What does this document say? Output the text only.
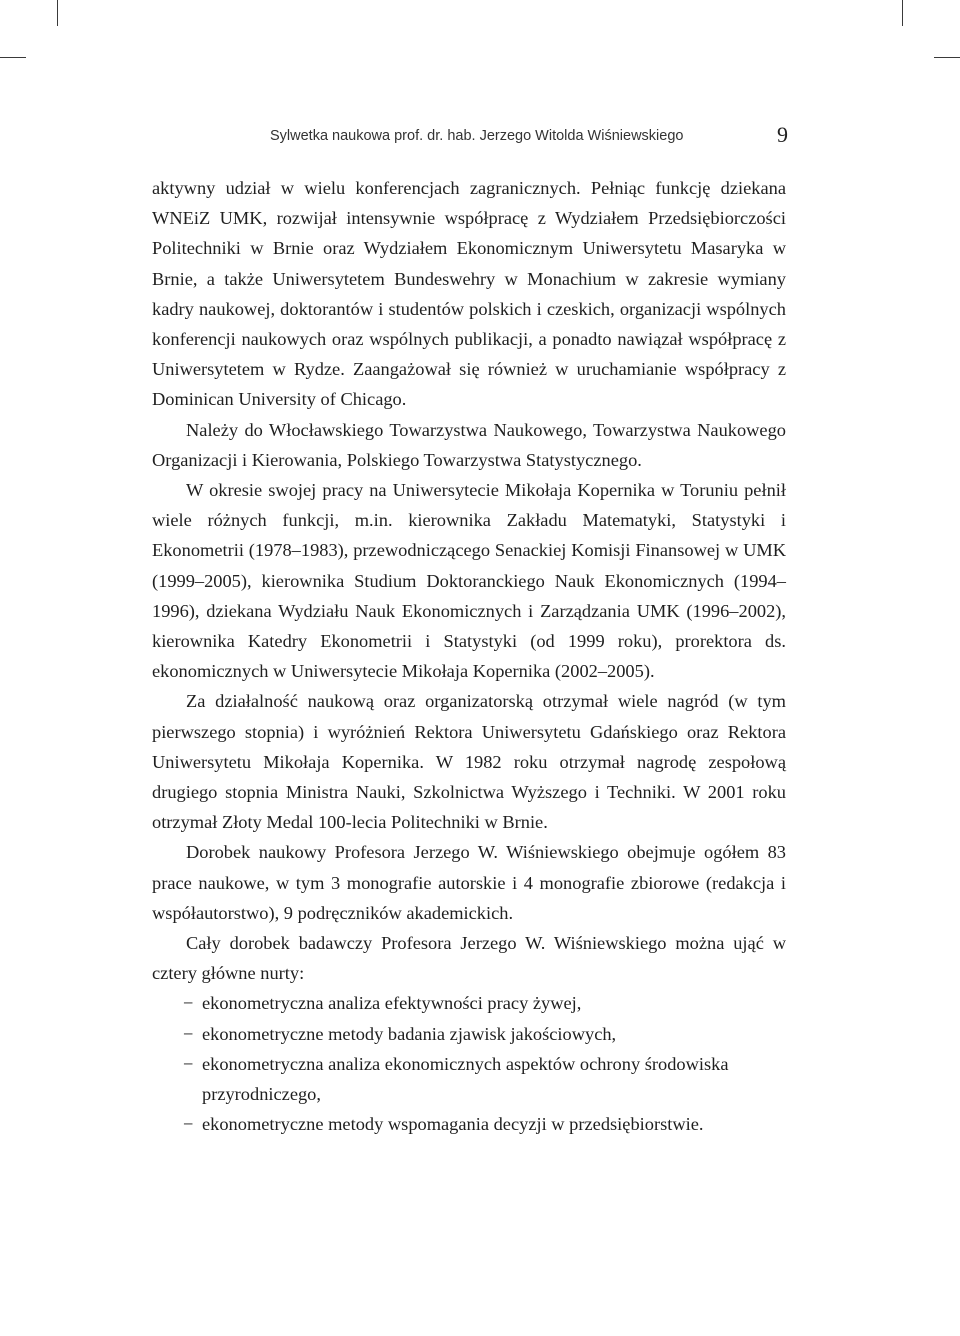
Sylwetka naukowa prof. dr. hab. Jerzego Witolda Wiśniewskiego	9

aktywny udział w wielu konferencjach zagranicznych. Pełniąc funkcję dziekana WNEiZ UMK, rozwijał intensywnie współpracę z Wydziałem Przedsiębiorczości Politechniki w Brnie oraz Wydziałem Ekonomicznym Uniwersytetu Masaryka w Brnie, a także Uniwersytetem Bundeswehry w Monachium w zakresie wymiany kadry naukowej, doktorantów i studentów polskich i czeskich, organizacji wspólnych konferencji naukowych oraz wspólnych publikacji, a ponadto nawiązał współpracę z Uniwersytetem w Rydze. Zaangażował się również w uruchamianie współpracy z Dominican University of Chicago.

Należy do Włocławskiego Towarzystwa Naukowego, Towarzystwa Naukowego Organizacji i Kierowania, Polskiego Towarzystwa Statystycznego.

W okresie swojej pracy na Uniwersytecie Mikołaja Kopernika w Toruniu pełnił wiele różnych funkcji, m.in. kierownika Zakładu Matematyki, Statystyki i Ekonometrii (1978–1983), przewodniczącego Senackiej Komisji Finansowej w UMK (1999–2005), kierownika Studium Doktoranckiego Nauk Ekonomicznych (1994–1996), dziekana Wydziału Nauk Ekonomicznych i Zarządzania UMK (1996–2002), kierownika Katedry Ekonometrii i Statystyki (od 1999 roku), prorektora ds. ekonomicznych w Uniwersytecie Mikołaja Kopernika (2002–2005).

Za działalność naukową oraz organizatorską otrzymał wiele nagród (w tym pierwszego stopnia) i wyróżnień Rektora Uniwersytetu Gdańskiego oraz Rektora Uniwersytetu Mikołaja Kopernika. W 1982 roku otrzymał nagrodę zespołową drugiego stopnia Ministra Nauki, Szkolnictwa Wyższego i Techniki. W 2001 roku otrzymał Złoty Medal 100-lecia Politechniki w Brnie.

Dorobek naukowy Profesora Jerzego W. Wiśniewskiego obejmuje ogółem 83 prace naukowe, w tym 3 monografie autorskie i 4 monografie zbiorowe (redakcja i współautorstwo), 9 podręczników akademickich.

Cały dorobek badawczy Profesora Jerzego W. Wiśniewskiego można ująć w cztery główne nurty:

− ekonometryczna analiza efektywności pracy żywej,
− ekonometryczne metody badania zjawisk jakościowych,
− ekonometryczna analiza ekonomicznych aspektów ochrony środowiska przyrodniczego,
− ekonometryczne metody wspomagania decyzji w przedsiębiorstwie.
